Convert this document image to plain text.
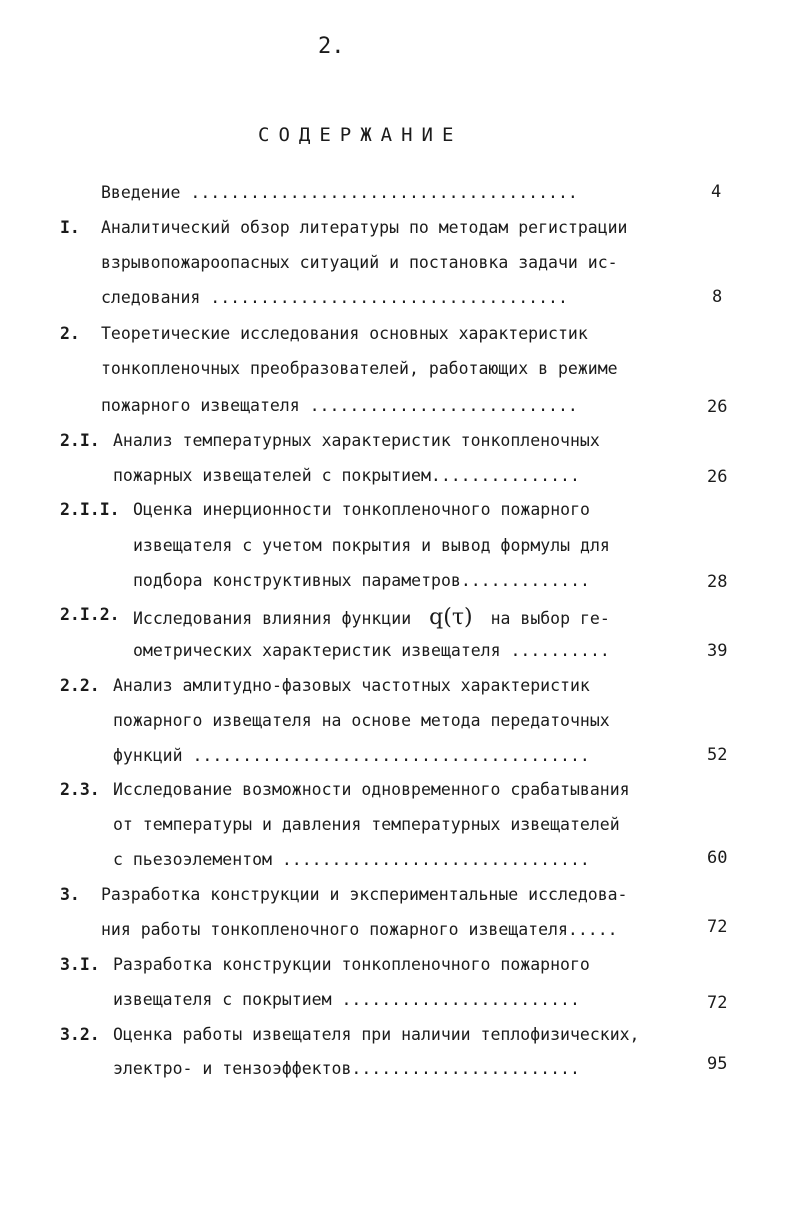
2.
СОДЕРЖАНИЕ
Введение .......................................	4
I. Аналитический обзор литературы по методам регистрации
взрывопожароопасных ситуаций и постановка задачи ис-
следования ....................................	8
2. Теоретические исследования основных характеристик
тонкопленочных преобразователей, работающих в режиме
пожарного извещателя ...........................	26
2.I. Анализ температурных характеристик тонкопленочных
пожарных извещателей с покрытием...............	26
2.I.I. Оценка инерционности тонкопленочного пожарного
извещателя с учетом покрытия и вывод формулы для
подбора конструктивных параметров.............	28
2.I.2. Исследования влияния функции q(τ) на выбор ге-
ометрических характеристик извещателя ..........	39
2.2. Анализ амлитудно-фазовых частотных характеристик
пожарного извещателя на основе метода передаточных
функций ........................................	52
2.3. Исследование возможности одновременного срабатывания
от температуры и давления температурных извещателей
с пьезоэлементом ...............................	60
3. Разработка конструкции и экспериментальные исследова-
ния работы тонкопленочного пожарного извещателя.....	72
3.I. Разработка конструкции тонкопленочного пожарного
извещателя с покрытием ........................	72
3.2. Оценка работы извещателя при наличии теплофизических,
электро- и тензоэффектов.......................	95
